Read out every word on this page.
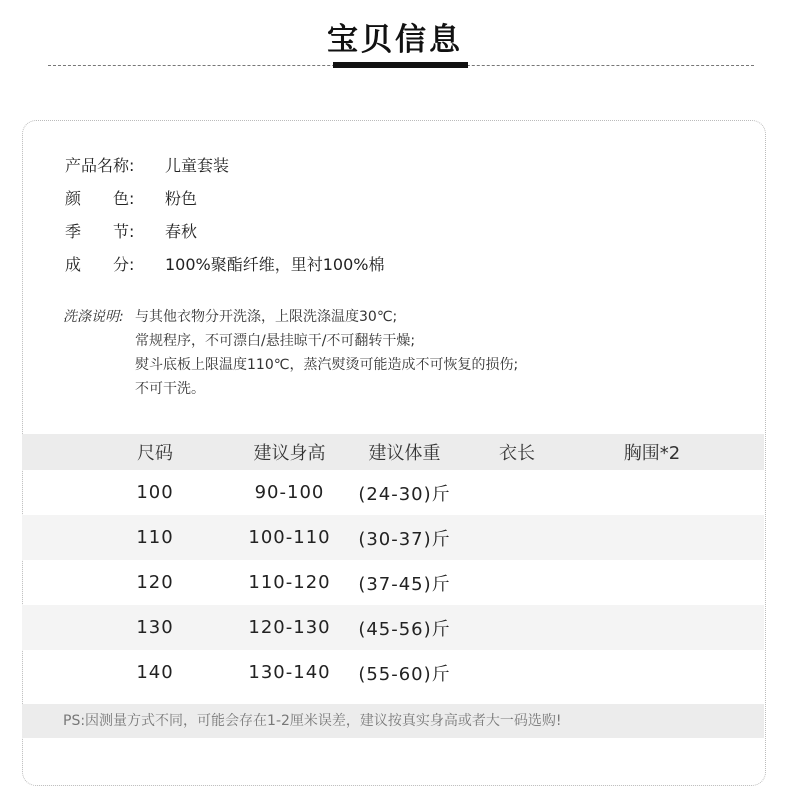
宝贝信息
产品名称:	儿童套装
颜　　色:	粉色
季　　节:	春秋
成　　分:	100%聚酯纤维，里衬100%棉
洗涤说明: 与其他衣物分开洗涤，上限洗涤温度30℃;
常规程序，不可漂白/悬挂晾干/不可翻转干燥;
熨斗底板上限温度110℃，蒸汽熨烫可能造成不可恢复的损伤;
不可干洗。
尺码	建议身高	建议体重	衣长	胸围*2
100	90-100	(24-30)斤
110	100-110	(30-37)斤
120	110-120	(37-45)斤
130	120-130	(45-56)斤
140	130-140	(55-60)斤
PS:因测量方式不同，可能会存在1-2厘米误差，建议按真实身高或者大一码选购!
